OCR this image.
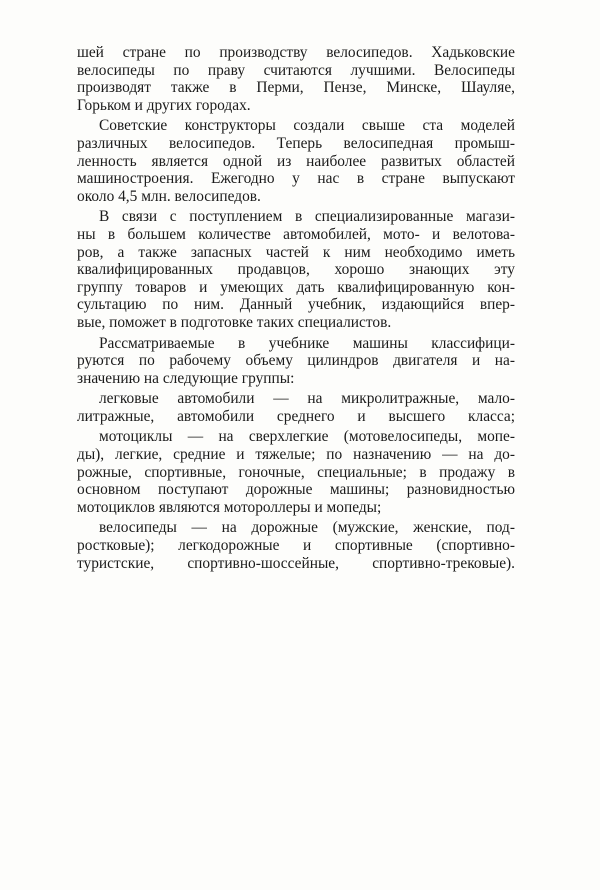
шей стране по производству велосипедов. Хадьковские
велосипеды по праву считаются лучшими. Велосипеды
производят также в Перми, Пензе, Минске, Шауляе,
Горьком и других городах.

Советские конструкторы создали свыше ста моделей
различных велосипедов. Теперь велосипедная промыш-
ленность является одной из наиболее развитых областей
машиностроения. Ежегодно у нас в стране выпускают
около 4,5 млн. велосипедов.

В связи с поступлением в специализированные магази-
ны в большем количестве автомобилей, мото- и велотова-
ров, а также запасных частей к ним необходимо иметь
квалифицированных продавцов, хорошо знающих эту
группу товаров и умеющих дать квалифицированную кон-
сультацию по ним. Данный учебник, издающийся впер-
вые, поможет в подготовке таких специалистов.

Рассматриваемые в учебнике машины классифици-
руются по рабочему объему цилиндров двигателя и на-
значению на следующие группы:

легковые автомобили — на микролитражные, мало-
литражные, автомобили среднего и высшего класса;

мотоциклы — на сверхлегкие (мотовелосипеды, мопе-
ды), легкие, средние и тяжелые; по назначению — на до-
рожные, спортивные, гоночные, специальные; в продажу в
основном поступают дорожные машины; разновидностью
мотоциклов являются мотороллеры и мопеды;

велосипеды — на дорожные (мужские, женские, под-
ростковые); легкодорожные и спортивные (спортивно-
туристские, спортивно-шоссейные, спортивно-трековые).
